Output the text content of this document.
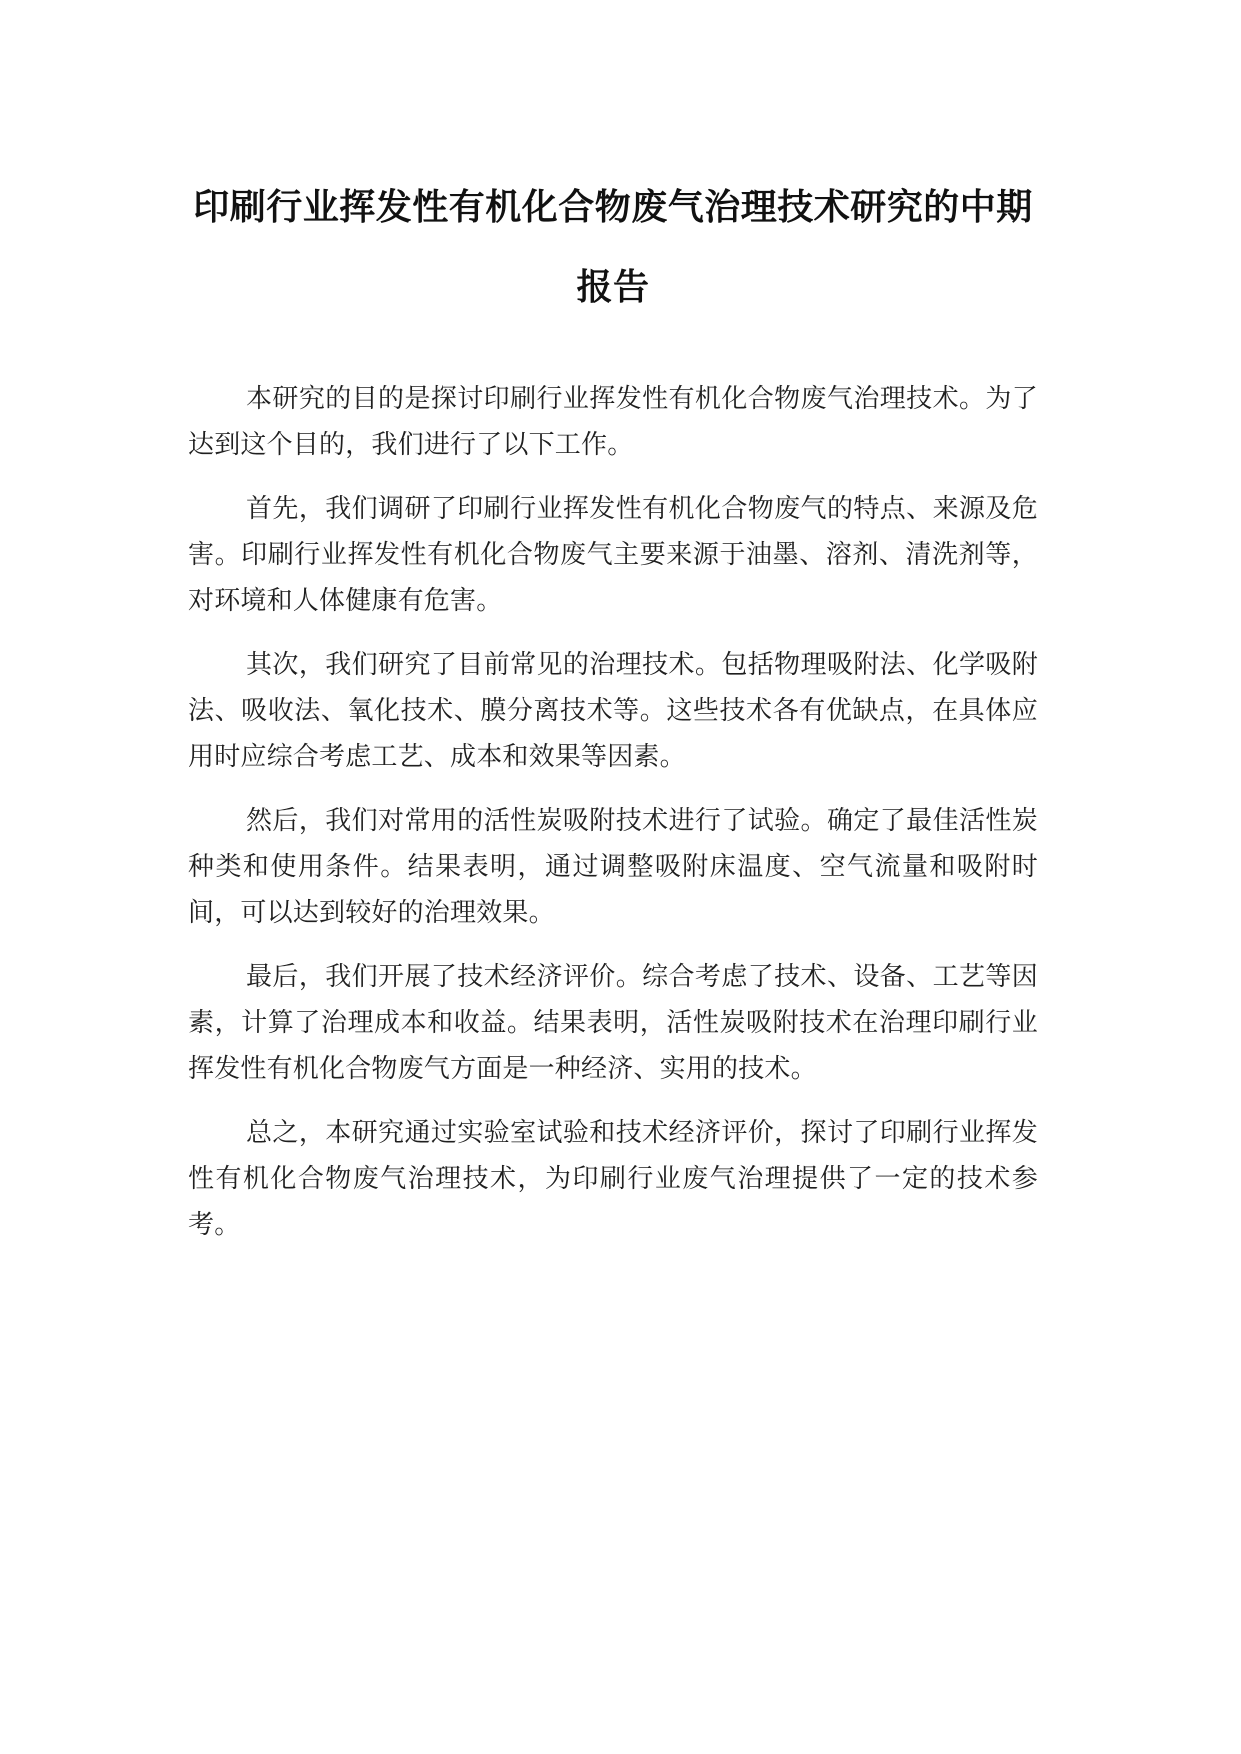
印刷行业挥发性有机化合物废气治理技术研究的中期报告

本研究的目的是探讨印刷行业挥发性有机化合物废气治理技术。为了达到这个目的，我们进行了以下工作。

首先，我们调研了印刷行业挥发性有机化合物废气的特点、来源及危害。印刷行业挥发性有机化合物废气主要来源于油墨、溶剂、清洗剂等，对环境和人体健康有危害。

其次，我们研究了目前常见的治理技术。包括物理吸附法、化学吸附法、吸收法、氧化技术、膜分离技术等。这些技术各有优缺点，在具体应用时应综合考虑工艺、成本和效果等因素。

然后，我们对常用的活性炭吸附技术进行了试验。确定了最佳活性炭种类和使用条件。结果表明，通过调整吸附床温度、空气流量和吸附时间，可以达到较好的治理效果。

最后，我们开展了技术经济评价。综合考虑了技术、设备、工艺等因素，计算了治理成本和收益。结果表明，活性炭吸附技术在治理印刷行业挥发性有机化合物废气方面是一种经济、实用的技术。

总之，本研究通过实验室试验和技术经济评价，探讨了印刷行业挥发性有机化合物废气治理技术，为印刷行业废气治理提供了一定的技术参考。
